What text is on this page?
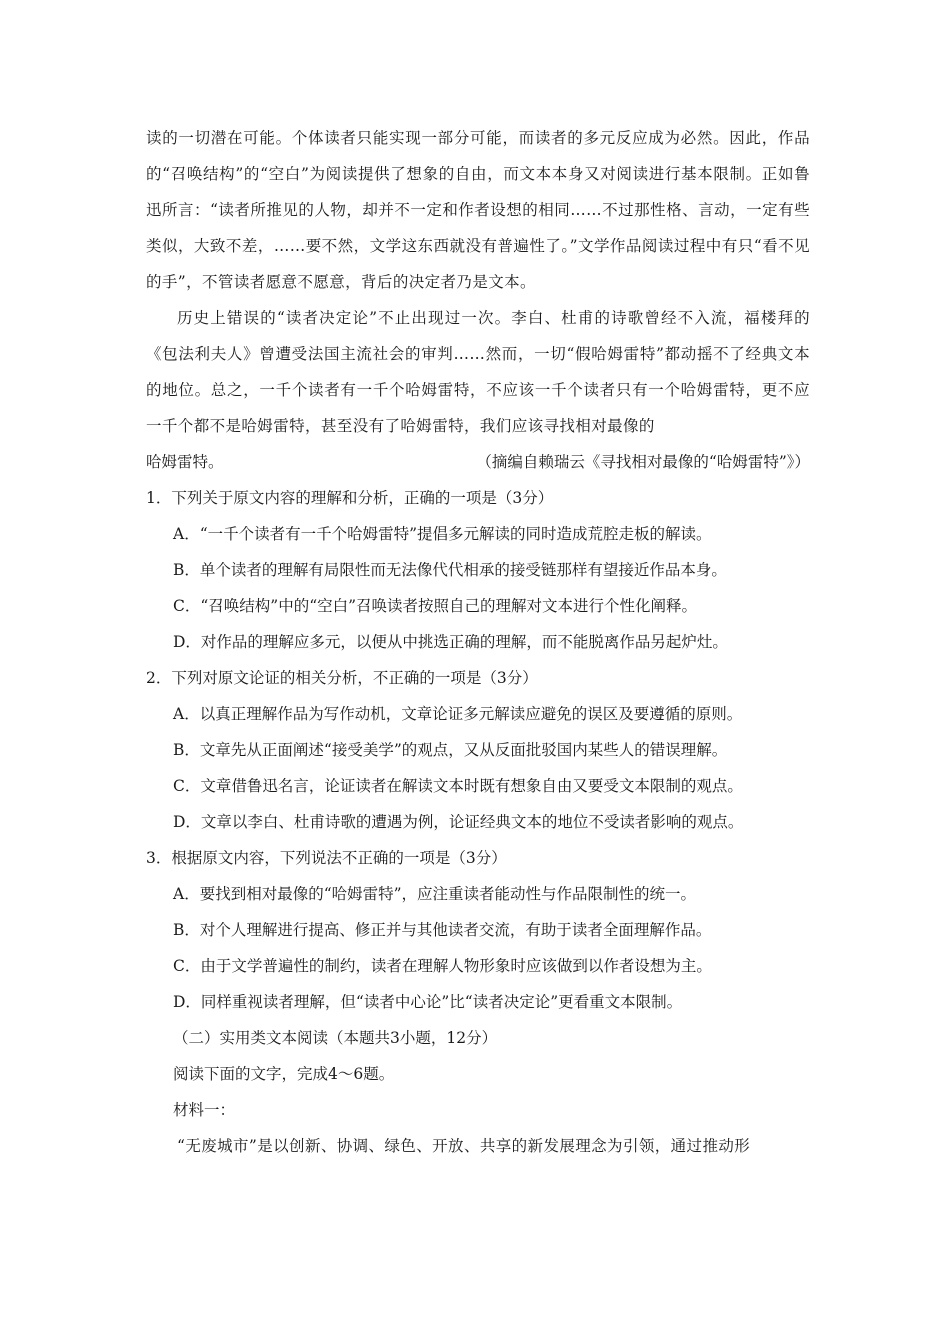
读的一切潜在可能。个体读者只能实现一部分可能，而读者的多元反应成为必然。因此，作品的“召唤结构”的“空白”为阅读提供了想象的自由，而文本本身又对阅读进行基本限制。正如鲁迅所言：“读者所推见的人物，却并不一定和作者设想的相同……不过那性格、言动，一定有些类似，大致不差，……要不然，文学这东西就没有普遍性了。”文学作品阅读过程中有只“看不见的手”，不管读者愿意不愿意，背后的决定者乃是文本。

历史上错误的“读者决定论”不止出现过一次。李白、杜甫的诗歌曾经不入流，福楼拜的《包法利夫人》曾遭受法国主流社会的审判……然而，一切“假哈姆雷特”都动摇不了经典文本的地位。总之，一千个读者有一千个哈姆雷特，不应该一千个读者只有一个哈姆雷特，更不应一千个都不是哈姆雷特，甚至没有了哈姆雷特，我们应该寻找相对最像的

哈姆雷特。	（摘编自赖瑞云《寻找相对最像的“哈姆雷特”》）

1．下列关于原文内容的理解和分析，正确的一项是（3分）

A．“一千个读者有一千个哈姆雷特”提倡多元解读的同时造成荒腔走板的解读。

B．单个读者的理解有局限性而无法像代代相承的接受链那样有望接近作品本身。

C．“召唤结构”中的“空白”召唤读者按照自己的理解对文本进行个性化阐释。

D．对作品的理解应多元，以便从中挑选正确的理解，而不能脱离作品另起炉灶。

2．下列对原文论证的相关分析，不正确的一项是（3分）

A．以真正理解作品为写作动机，文章论证多元解读应避免的误区及要遵循的原则。

B．文章先从正面阐述“接受美学”的观点，又从反面批驳国内某些人的错误理解。

C．文章借鲁迅名言，论证读者在解读文本时既有想象自由又要受文本限制的观点。

D．文章以李白、杜甫诗歌的遭遇为例，论证经典文本的地位不受读者影响的观点。

3．根据原文内容，下列说法不正确的一项是（3分）

A．要找到相对最像的“哈姆雷特”，应注重读者能动性与作品限制性的统一。

B．对个人理解进行提高、修正并与其他读者交流，有助于读者全面理解作品。

C．由于文学普遍性的制约，读者在理解人物形象时应该做到以作者设想为主。

D．同样重视读者理解，但“读者中心论”比“读者决定论”更看重文本限制。

（二）实用类文本阅读（本题共3小题，12分）

阅读下面的文字，完成4～6题。

材料一：

“无废城市”是以创新、协调、绿色、开放、共享的新发展理念为引领，通过推动形
